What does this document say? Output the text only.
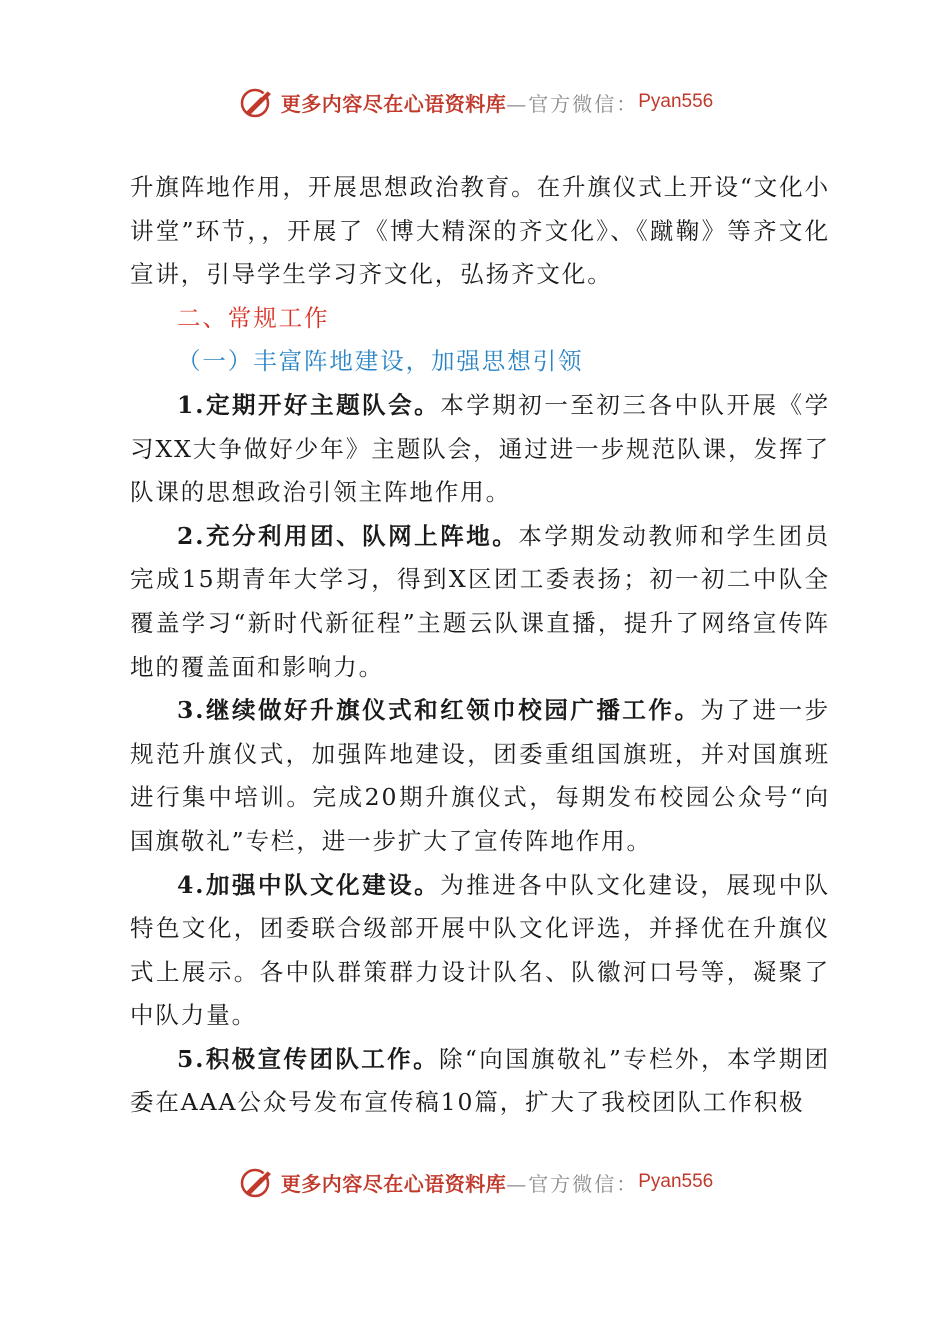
更多内容尽在心语资料库 —官方微信： Pyan556

升旗阵地作用，开展思想政治教育。在升旗仪式上开设“文化小讲堂”环节，，开展了《博大精深的齐文化》、《蹴鞠》等齐文化宣讲，引导学生学习齐文化，弘扬齐文化。

二、常规工作

（一）丰富阵地建设，加强思想引领

1.定期开好主题队会。本学期初一至初三各中队开展《学习XX大争做好少年》主题队会，通过进一步规范队课，发挥了队课的思想政治引领主阵地作用。

2.充分利用团、队网上阵地。本学期发动教师和学生团员完成15期青年大学习，得到X区团工委表扬；初一初二中队全覆盖学习“新时代新征程”主题云队课直播，提升了网络宣传阵地的覆盖面和影响力。

3.继续做好升旗仪式和红领巾校园广播工作。为了进一步规范升旗仪式，加强阵地建设，团委重组国旗班，并对国旗班进行集中培训。完成20期升旗仪式，每期发布校园公众号“向国旗敬礼”专栏，进一步扩大了宣传阵地作用。

4.加强中队文化建设。为推进各中队文化建设，展现中队特色文化，团委联合级部开展中队文化评选，并择优在升旗仪式上展示。各中队群策群力设计队名、队徽河口号等，凝聚了中队力量。

5.积极宣传团队工作。除“向国旗敬礼”专栏外，本学期团委在AAA公众号发布宣传稿10篇，扩大了我校团队工作积极

更多内容尽在心语资料库 —官方微信： Pyan556
